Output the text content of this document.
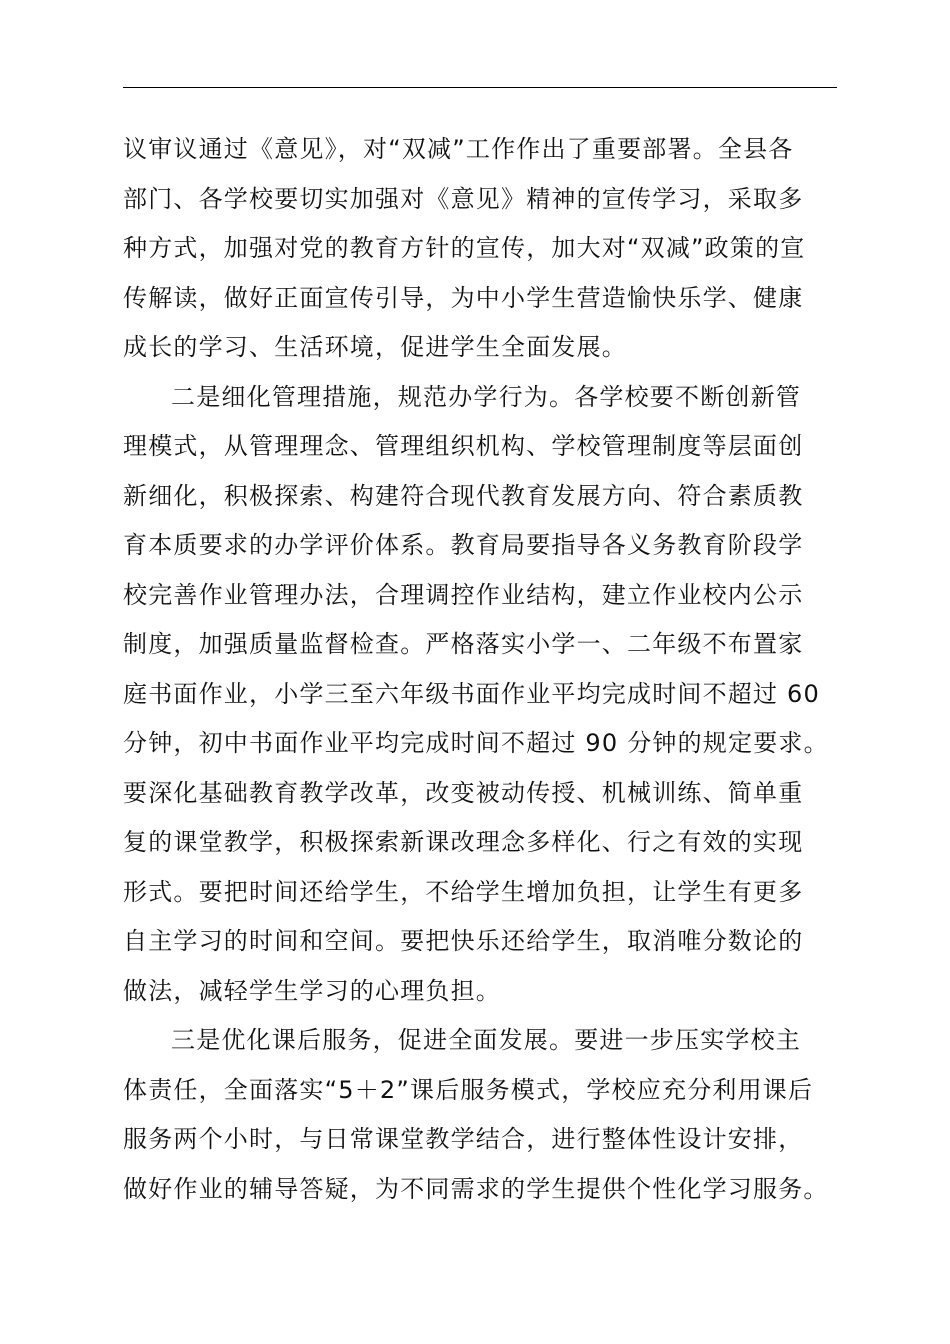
议审议通过《意见》，对“双减”工作作出了重要部署。全县各
部门、各学校要切实加强对《意见》精神的宣传学习，采取多
种方式，加强对党的教育方针的宣传，加大对“双减”政策的宣
传解读，做好正面宣传引导，为中小学生营造愉快乐学、健康
成长的学习、生活环境，促进学生全面发展。
二是细化管理措施，规范办学行为。各学校要不断创新管
理模式，从管理理念、管理组织机构、学校管理制度等层面创
新细化，积极探索、构建符合现代教育发展方向、符合素质教
育本质要求的办学评价体系。教育局要指导各义务教育阶段学
校完善作业管理办法，合理调控作业结构，建立作业校内公示
制度，加强质量监督检查。严格落实小学一、二年级不布置家
庭书面作业，小学三至六年级书面作业平均完成时间不超过 60
分钟，初中书面作业平均完成时间不超过 90 分钟的规定要求。
要深化基础教育教学改革，改变被动传授、机械训练、简单重
复的课堂教学，积极探索新课改理念多样化、行之有效的实现
形式。要把时间还给学生，不给学生增加负担，让学生有更多
自主学习的时间和空间。要把快乐还给学生，取消唯分数论的
做法，减轻学生学习的心理负担。
三是优化课后服务，促进全面发展。要进一步压实学校主
体责任，全面落实“5＋2”课后服务模式，学校应充分利用课后
服务两个小时，与日常课堂教学结合，进行整体性设计安排，
做好作业的辅导答疑，为不同需求的学生提供个性化学习服务。
